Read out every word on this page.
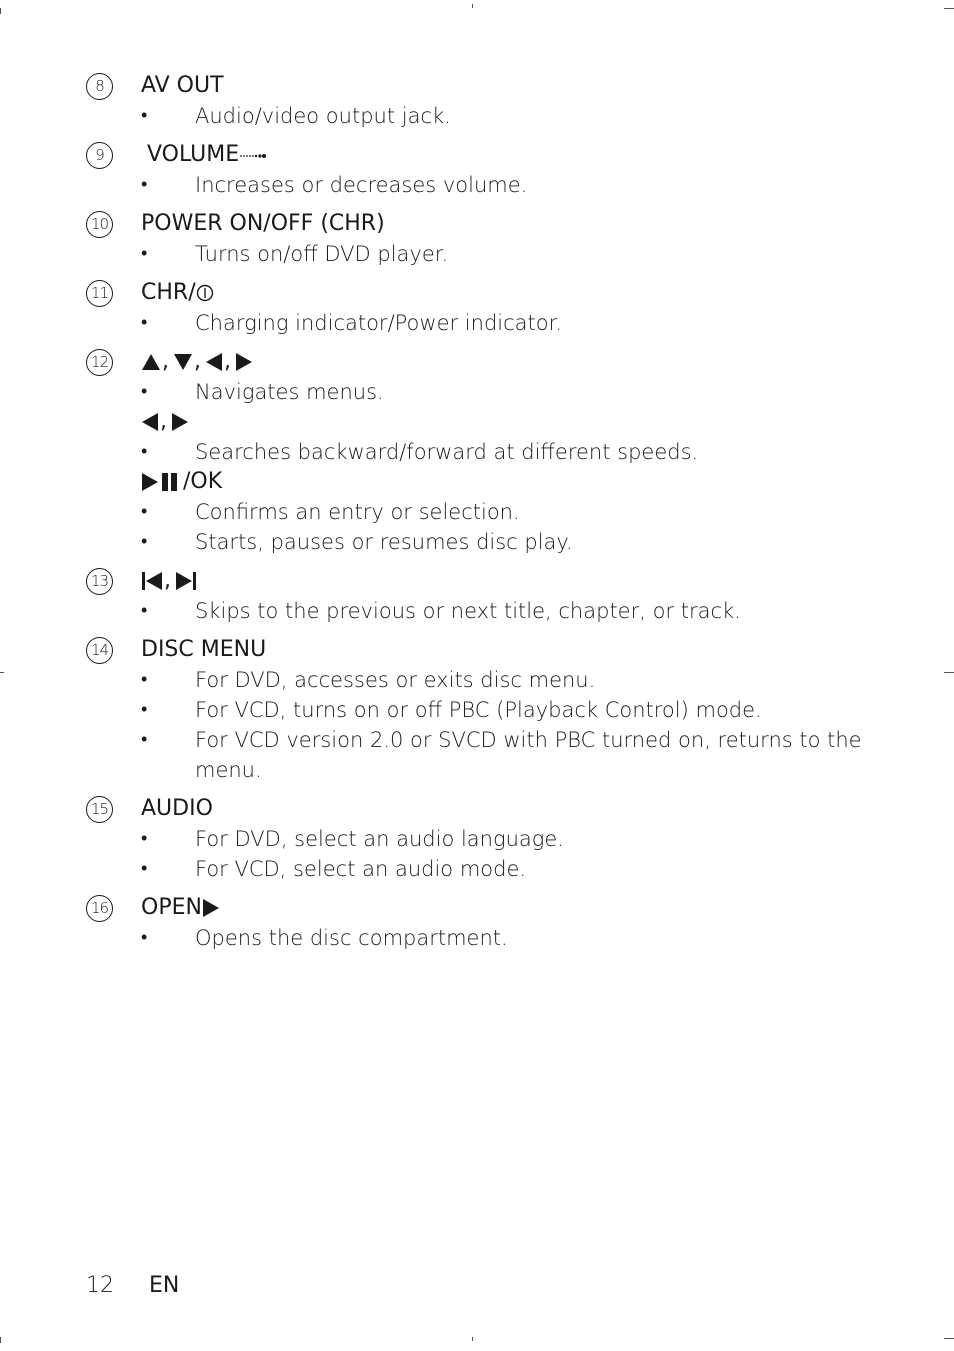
8	AV OUT
• Audio/video output jack.
9	VOLUME
• Increases or decreases volume.
10 POWER ON/OFF (CHR)
• Turns on/off DVD player.
11 CHR/
• Charging indicator/Power indicator.
12 , , ,
• Navigates menus.
,
• Searches backward/forward at different speeds.
/OK
• Confirms an entry or selection.
• Starts, pauses or resumes disc play.
13	,
• Skips to the previous or next title, chapter, or track.
14 DISC MENU
• For DVD, accesses or exits disc menu.
• For VCD, turns on or off PBC (Playback Control) mode.
• For VCD version 2.0 or SVCD with PBC turned on, returns to the menu.
15 AUDIO
• For DVD, select an audio language.
• For VCD, select an audio mode.
16 OPEN
• Opens the disc compartment.
12 EN
